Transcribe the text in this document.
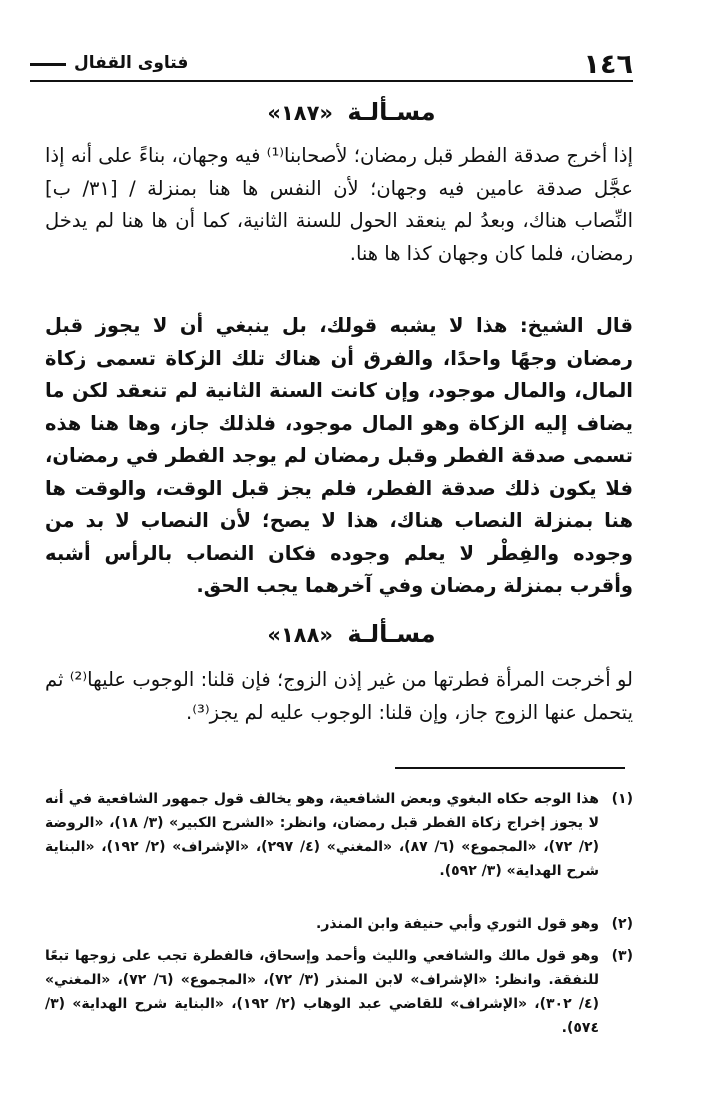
١٤٦
فتاوى القفال
مسـألـة «١٨٧»
إذا أخرج صدقة الفطر قبل رمضان؛ لأصحابنا⁽¹⁾ فيه وجهان، بناءً على أنه إذا عجَّل صدقة عامين فيه وجهان؛ لأن النفس ها هنا بمنزلة / [٣١/ ب] النِّصاب هناك، وبعدُ لم ينعقد الحول للسنة الثانية، كما أن ها هنا لم يدخل رمضان، فلما كان وجهان كذا ها هنا.
قال الشيخ: هذا لا يشبه قولك، بل ينبغي أن لا يجوز قبل رمضان وجهًا واحدًا، والفرق أن هناك تلك الزكاة تسمى زكاة المال، والمال موجود، وإن كانت السنة الثانية لم تنعقد لكن ما يضاف إليه الزكاة وهو المال موجود، فلذلك جاز، وها هنا هذه تسمى صدقة الفطر وقبل رمضان لم يوجد الفطر في رمضان، فلا يكون ذلك صدقة الفطر، فلم يجز قبل الوقت، والوقت ها هنا بمنزلة النصاب هناك، هذا لا يصح؛ لأن النصاب لا بد من وجوده والفِطْر لا يعلم وجوده فكان النصاب بالرأس أشبه وأقرب بمنزلة رمضان وفي آخرهما يجب الحق.
مسـألـة «١٨٨»
لو أخرجت المرأة فطرتها من غير إذن الزوج؛ فإن قلنا: الوجوب عليها⁽²⁾ ثم يتحمل عنها الزوج جاز، وإن قلنا: الوجوب عليه لم يجز⁽³⁾.
(١)
هذا الوجه حكاه البغوي وبعض الشافعية، وهو يخالف قول جمهور الشافعية في أنه لا يجوز إخراج زكاة الفطر قبل رمضان، وانظر: «الشرح الكبير» (٣/ ١٨)، «الروضة (٢/ ٧٢)، «المجموع» (٦/ ٨٧)، «المغني» (٤/ ٢٩٧)، «الإشراف» (٢/ ١٩٢)، «البناية شرح الهداية» (٣/ ٥٩٢).
(٢)
وهو قول الثوري وأبي حنيفة وابن المنذر.
(٣)
وهو قول مالك والشافعي والليث وأحمد وإسحاق، فالفطرة تجب على زوجها تبعًا للنفقة. وانظر: «الإشراف» لابن المنذر (٣/ ٧٢)، «المجموع» (٦/ ٧٢)، «المغني» (٤/ ٣٠٢)، «الإشراف» للقاضي عبد الوهاب (٢/ ١٩٢)، «البناية شرح الهداية» (٣/ ٥٧٤).
